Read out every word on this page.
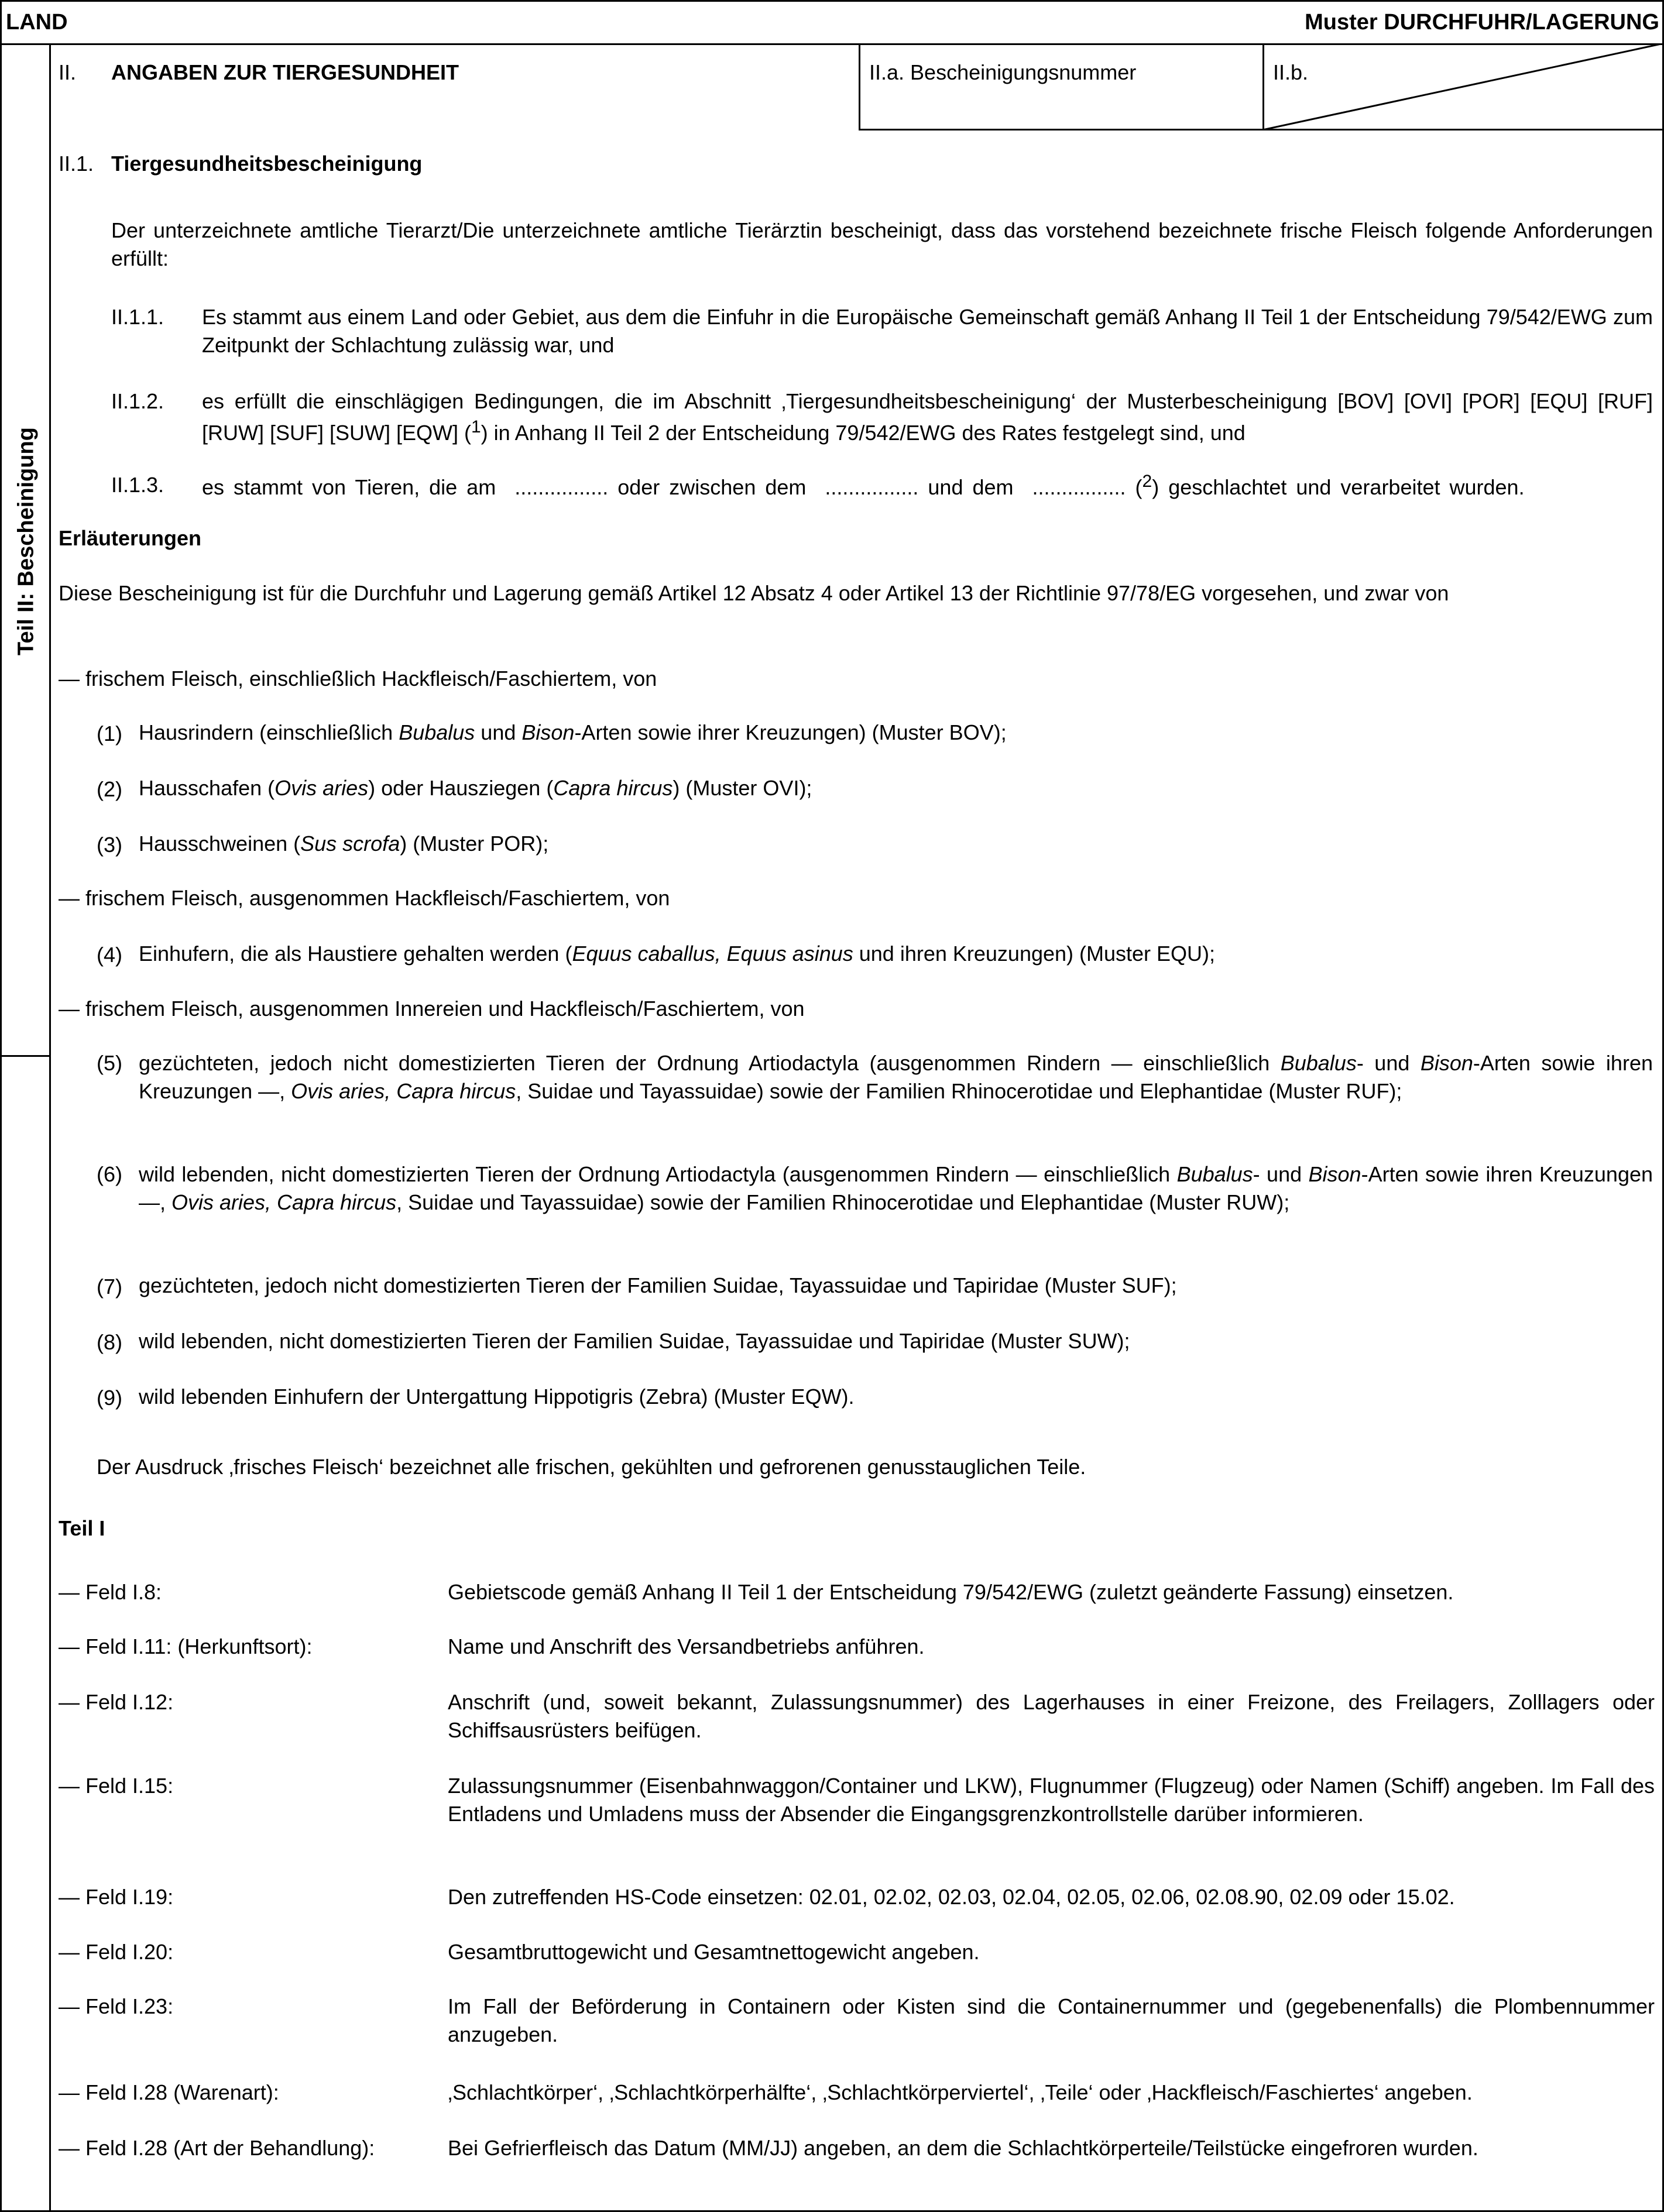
LAND	Muster DURCHFUHR/LAGERUNG
Teil II: Bescheinigung
II. ANGABEN ZUR TIERGESUNDHEIT	II.a. Bescheinigungsnummer	II.b.
II.1. Tiergesundheitsbescheinigung
Der unterzeichnete amtliche Tierarzt/Die unterzeichnete amtliche Tierärztin bescheinigt, dass das vorstehend bezeichnete frische Fleisch folgende Anforderungen erfüllt:
II.1.1. Es stammt aus einem Land oder Gebiet, aus dem die Einfuhr in die Europäische Gemeinschaft gemäß Anhang II Teil 1 der Entscheidung 79/542/EWG zum Zeitpunkt der Schlachtung zulässig war, und
II.1.2. es erfüllt die einschlägigen Bedingungen, die im Abschnitt ‚Tiergesundheitsbescheinigung‘ der Musterbescheinigung [BOV] [OVI] [POR] [EQU] [RUF] [RUW] [SUF] [SUW] [EQW] ($^1$) in Anhang II Teil 2 der Entscheidung 79/542/EWG des Rates festgelegt sind, und
II.1.3. es stammt von Tieren, die am  ................ oder zwischen dem  ................ und dem  ................ ($^2$) geschlachtet und verarbeitet wurden.
Erläuterungen
Diese Bescheinigung ist für die Durchfuhr und Lagerung gemäß Artikel 12 Absatz 4 oder Artikel 13 der Richtlinie 97/78/EG vorgesehen, und zwar von
— frischem Fleisch, einschließlich Hackfleisch/Faschiertem, von
(1) Hausrindern (einschließlich Bubalus und Bison-Arten sowie ihrer Kreuzungen) (Muster BOV);
(2) Hausschafen (Ovis aries) oder Hausziegen (Capra hircus) (Muster OVI);
(3) Hausschweinen (Sus scrofa) (Muster POR);
— frischem Fleisch, ausgenommen Hackfleisch/Faschiertem, von
(4) Einhufern, die als Haustiere gehalten werden (Equus caballus, Equus asinus und ihren Kreuzungen) (Muster EQU);
— frischem Fleisch, ausgenommen Innereien und Hackfleisch/Faschiertem, von
(5) gezüchteten, jedoch nicht domestizierten Tieren der Ordnung Artiodactyla (ausgenommen Rindern — einschließlich Bubalus- und Bison-Arten sowie ihren Kreuzungen —, Ovis aries, Capra hircus, Suidae und Tayassuidae) sowie der Familien Rhinocerotidae und Elephantidae (Muster RUF);
(6) wild lebenden, nicht domestizierten Tieren der Ordnung Artiodactyla (ausgenommen Rindern — einschließlich Bubalus- und Bison-Arten sowie ihren Kreuzungen —, Ovis aries, Capra hircus, Suidae und Tayassuidae) sowie der Familien Rhinocerotidae und Elephantidae (Muster RUW);
(7) gezüchteten, jedoch nicht domestizierten Tieren der Familien Suidae, Tayassuidae und Tapiridae (Muster SUF);
(8) wild lebenden, nicht domestizierten Tieren der Familien Suidae, Tayassuidae und Tapiridae (Muster SUW);
(9) wild lebenden Einhufern der Untergattung Hippotigris (Zebra) (Muster EQW).
Der Ausdruck ‚frisches Fleisch‘ bezeichnet alle frischen, gekühlten und gefrorenen genusstauglichen Teile.
Teil I
— Feld I.8:	Gebietscode gemäß Anhang II Teil 1 der Entscheidung 79/542/EWG (zuletzt geänderte Fassung) einsetzen.
— Feld I.11: (Herkunftsort):	Name und Anschrift des Versandbetriebs anführen.
— Feld I.12:	Anschrift (und, soweit bekannt, Zulassungsnummer) des Lagerhauses in einer Freizone, des Freilagers, Zolllagers oder Schiffsausrüsters beifügen.
— Feld I.15:	Zulassungsnummer (Eisenbahnwaggon/Container und LKW), Flugnummer (Flugzeug) oder Namen (Schiff) angeben. Im Fall des Entladens und Umladens muss der Absender die Eingangsgrenzkontrollstelle darüber informieren.
— Feld I.19:	Den zutreffenden HS-Code einsetzen: 02.01, 02.02, 02.03, 02.04, 02.05, 02.06, 02.08.90, 02.09 oder 15.02.
— Feld I.20:	Gesamtbruttogewicht und Gesamtnettogewicht angeben.
— Feld I.23:	Im Fall der Beförderung in Containern oder Kisten sind die Containernummer und (gegebenenfalls) die Plombennummer anzugeben.
— Feld I.28 (Warenart):	‚Schlachtkörper‘, ‚Schlachtkörperhälfte‘, ‚Schlachtkörperviertel‘, ‚Teile‘ oder ‚Hackfleisch/Faschiertes‘ angeben.
— Feld I.28 (Art der Behandlung):	Bei Gefrierfleisch das Datum (MM/JJ) angeben, an dem die Schlachtkörperteile/Teilstücke eingefroren wurden.
